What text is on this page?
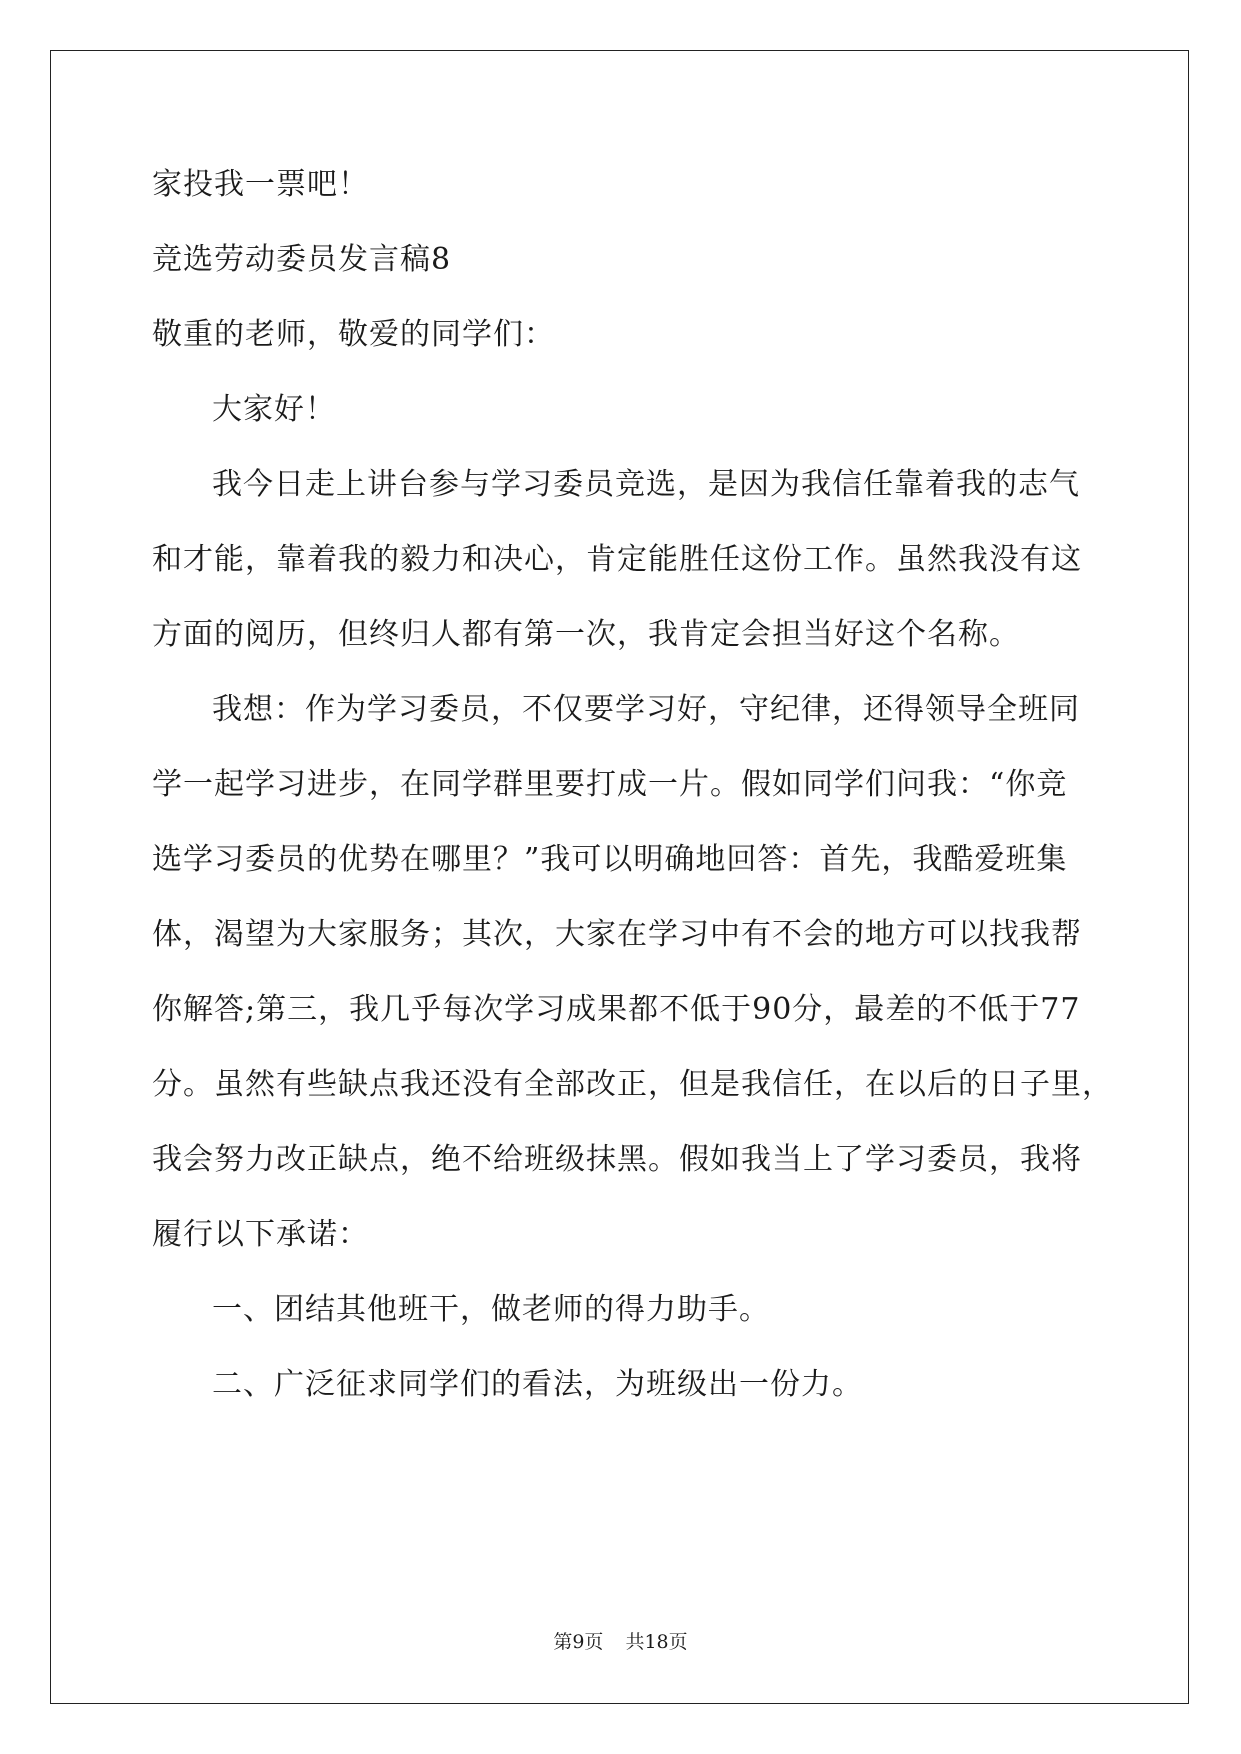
家投我一票吧！
竞选劳动委员发言稿8
敬重的老师，敬爱的同学们：
大家好！
我今日走上讲台参与学习委员竞选，是因为我信任靠着我的志气
和才能，靠着我的毅力和决心，肯定能胜任这份工作。虽然我没有这
方面的阅历，但终归人都有第一次，我肯定会担当好这个名称。
我想：作为学习委员，不仅要学习好，守纪律，还得领导全班同
学一起学习进步，在同学群里要打成一片。假如同学们问我：“你竞
选学习委员的优势在哪里？”我可以明确地回答：首先，我酷爱班集
体，渴望为大家服务；其次，大家在学习中有不会的地方可以找我帮
你解答;第三，我几乎每次学习成果都不低于90分，最差的不低于77
分。虽然有些缺点我还没有全部改正，但是我信任，在以后的日子里，
我会努力改正缺点，绝不给班级抹黑。假如我当上了学习委员，我将
履行以下承诺：
一、团结其他班干，做老师的得力助手。
二、广泛征求同学们的看法，为班级出一份力。
第9页 共18页
